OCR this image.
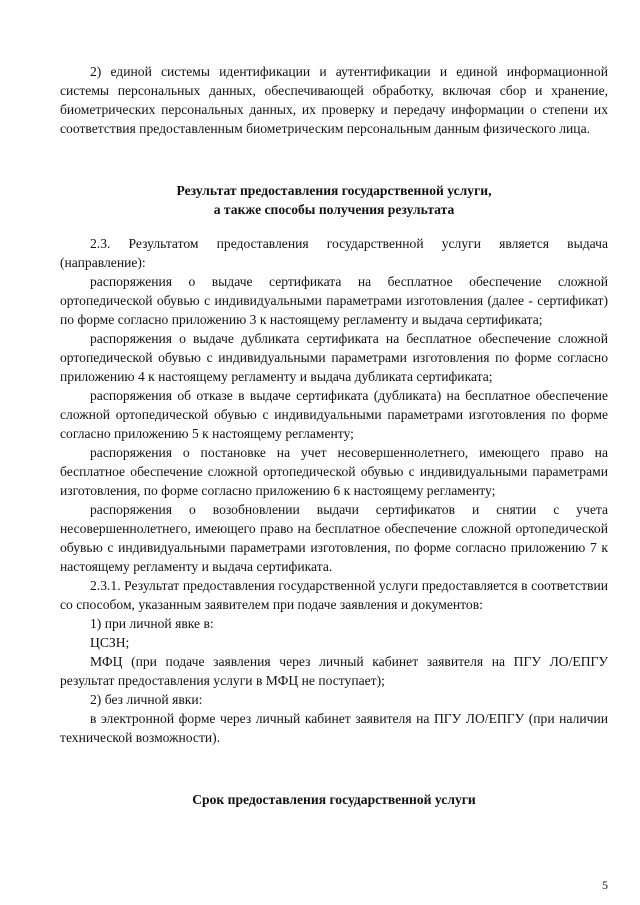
2) единой системы идентификации и аутентификации и единой информационной системы персональных данных, обеспечивающей обработку, включая сбор и хранение, биометрических персональных данных, их проверку и передачу информации о степени их соответствия предоставленным биометрическим персональным данным физического лица.

Результат предоставления государственной услуги,
а также способы получения результата

2.3. Результатом предоставления государственной услуги является выдача (направление):

распоряжения о выдаче сертификата на бесплатное обеспечение сложной ортопедической обувью с индивидуальными параметрами изготовления (далее - сертификат) по форме согласно приложению 3 к настоящему регламенту и выдача сертификата;

распоряжения о выдаче дубликата сертификата на бесплатное обеспечение сложной ортопедической обувью с индивидуальными параметрами изготовления по форме согласно приложению 4 к настоящему регламенту и выдача дубликата сертификата;

распоряжения об отказе в выдаче сертификата (дубликата) на бесплатное обеспечение сложной ортопедической обувью с индивидуальными параметрами изготовления по форме согласно приложению 5 к настоящему регламенту;

распоряжения о постановке на учет несовершеннолетнего, имеющего право на бесплатное обеспечение сложной ортопедической обувью с индивидуальными параметрами изготовления, по форме согласно приложению 6 к настоящему регламенту;

распоряжения о возобновлении выдачи сертификатов и снятии с учета несовершеннолетнего, имеющего право на бесплатное обеспечение сложной ортопедической обувью с индивидуальными параметрами изготовления, по форме согласно приложению 7 к настоящему регламенту и выдача сертификата.

2.3.1. Результат предоставления государственной услуги предоставляется в соответствии со способом, указанным заявителем при подаче заявления и документов:

1) при личной явке в:

ЦСЗН;

МФЦ (при подаче заявления через личный кабинет заявителя на ПГУ ЛО/ЕПГУ результат предоставления услуги в МФЦ не поступает);

2) без личной явки:

в электронной форме через личный кабинет заявителя на ПГУ ЛО/ЕПГУ (при наличии технической возможности).

Срок предоставления государственной услуги
5
